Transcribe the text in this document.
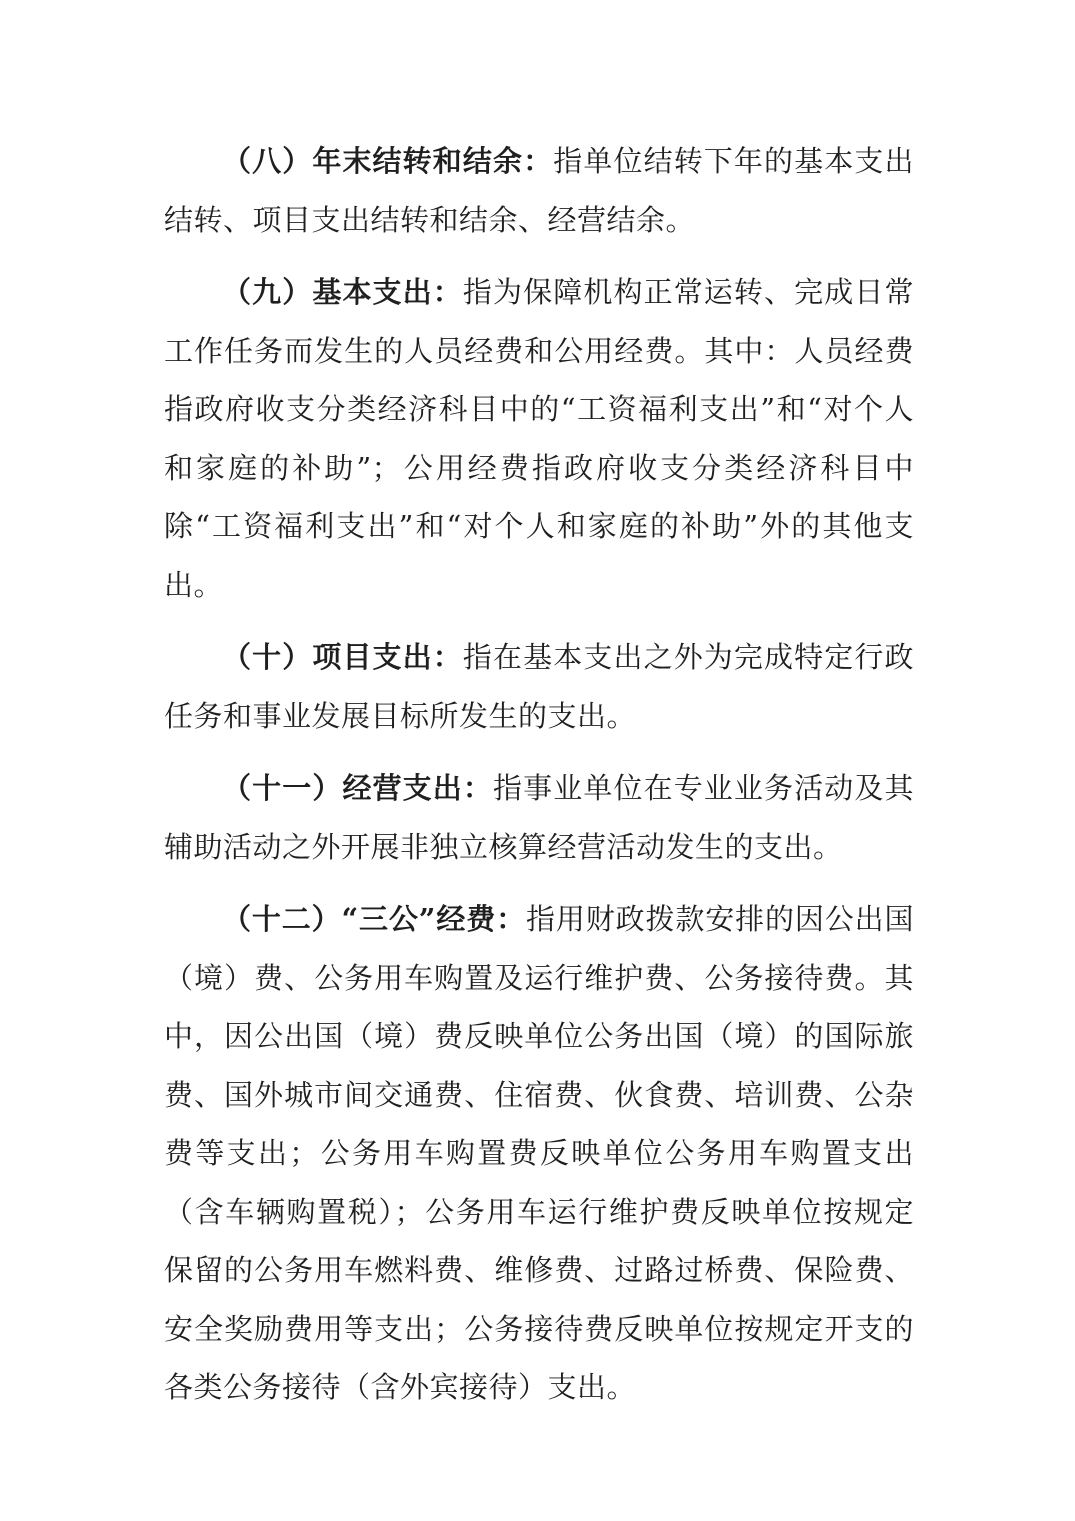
（八）年末结转和结余：指单位结转下年的基本支出结转、项目支出结转和结余、经营结余。

（九）基本支出：指为保障机构正常运转、完成日常工作任务而发生的人员经费和公用经费。其中：人员经费指政府收支分类经济科目中的“工资福利支出”和“对个人和家庭的补助”；公用经费指政府收支分类经济科目中除“工资福利支出”和“对个人和家庭的补助”外的其他支出。

（十）项目支出：指在基本支出之外为完成特定行政任务和事业发展目标所发生的支出。

（十一）经营支出：指事业单位在专业业务活动及其辅助活动之外开展非独立核算经营活动发生的支出。

（十二）“三公”经费：指用财政拨款安排的因公出国（境）费、公务用车购置及运行维护费、公务接待费。其中，因公出国（境）费反映单位公务出国（境）的国际旅费、国外城市间交通费、住宿费、伙食费、培训费、公杂费等支出；公务用车购置费反映单位公务用车购置支出（含车辆购置税）；公务用车运行维护费反映单位按规定保留的公务用车燃料费、维修费、过路过桥费、保险费、安全奖励费用等支出；公务接待费反映单位按规定开支的各类公务接待（含外宾接待）支出。
